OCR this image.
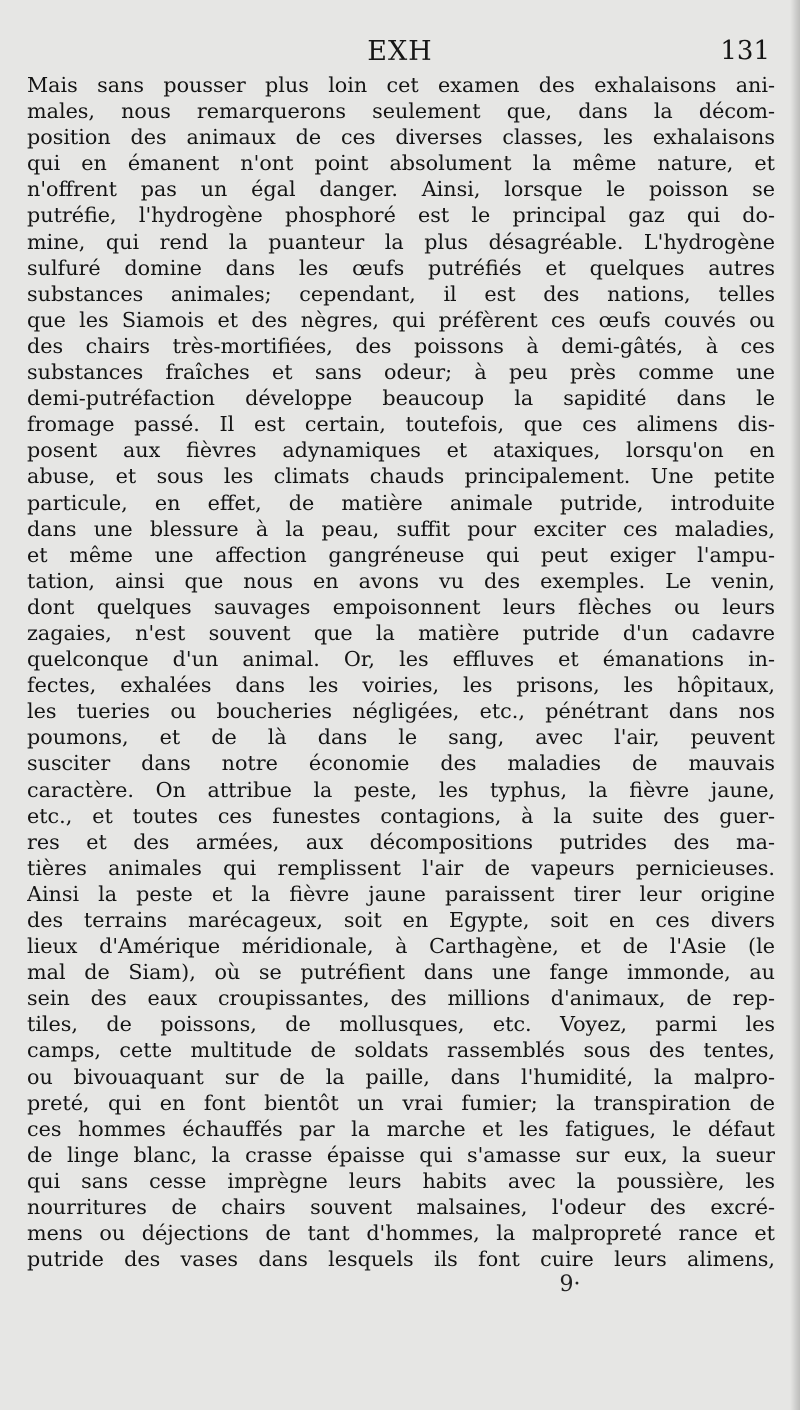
EXH	131
Mais sans pousser plus loin cet examen des exhalaisons ani-
males, nous remarquerons seulement que, dans la décom-
position des animaux de ces diverses classes, les exhalaisons
qui en émanent n'ont point absolument la même nature, et
n'offrent pas un égal danger. Ainsi, lorsque le poisson se
putréfie, l'hydrogène phosphoré est le principal gaz qui do-
mine, qui rend la puanteur la plus désagréable. L'hydrogène
sulfuré domine dans les œufs putréfiés et quelques autres
substances animales; cependant, il est des nations, telles
que les Siamois et des nègres, qui préfèrent ces œufs couvés ou
des chairs très-mortifiées, des poissons à demi-gâtés, à ces
substances fraîches et sans odeur; à peu près comme une
demi-putréfaction développe beaucoup la sapidité dans le
fromage passé. Il est certain, toutefois, que ces alimens dis-
posent aux fièvres adynamiques et ataxiques, lorsqu'on en
abuse, et sous les climats chauds principalement. Une petite
particule, en effet, de matière animale putride, introduite
dans une blessure à la peau, suffit pour exciter ces maladies,
et même une affection gangréneuse qui peut exiger l'ampu-
tation, ainsi que nous en avons vu des exemples. Le venin,
dont quelques sauvages empoisonnent leurs flèches ou leurs
zagaies, n'est souvent que la matière putride d'un cadavre
quelconque d'un animal. Or, les effluves et émanations in-
fectes, exhalées dans les voiries, les prisons, les hôpitaux,
les tueries ou boucheries négligées, etc., pénétrant dans nos
poumons, et de là dans le sang, avec l'air, peuvent
susciter dans notre économie des maladies de mauvais
caractère. On attribue la peste, les typhus, la fièvre jaune,
etc., et toutes ces funestes contagions, à la suite des guer-
res et des armées, aux décompositions putrides des ma-
tières animales qui remplissent l'air de vapeurs pernicieuses.
Ainsi la peste et la fièvre jaune paraissent tirer leur origine
des terrains marécageux, soit en Egypte, soit en ces divers
lieux d'Amérique méridionale, à Carthagène, et de l'Asie (le
mal de Siam), où se putréfient dans une fange immonde, au
sein des eaux croupissantes, des millions d'animaux, de rep-
tiles, de poissons, de mollusques, etc. Voyez, parmi les
camps, cette multitude de soldats rassemblés sous des tentes,
ou bivouaquant sur de la paille, dans l'humidité, la malpro-
preté, qui en font bientôt un vrai fumier; la transpiration de
ces hommes échauffés par la marche et les fatigues, le défaut
de linge blanc, la crasse épaisse qui s'amasse sur eux, la sueur
qui sans cesse imprègne leurs habits avec la poussière, les
nourritures de chairs souvent malsaines, l'odeur des excré-
mens ou déjections de tant d'hommes, la malpropreté rance et
putride des vases dans lesquels ils font cuire leurs alimens,
9·
